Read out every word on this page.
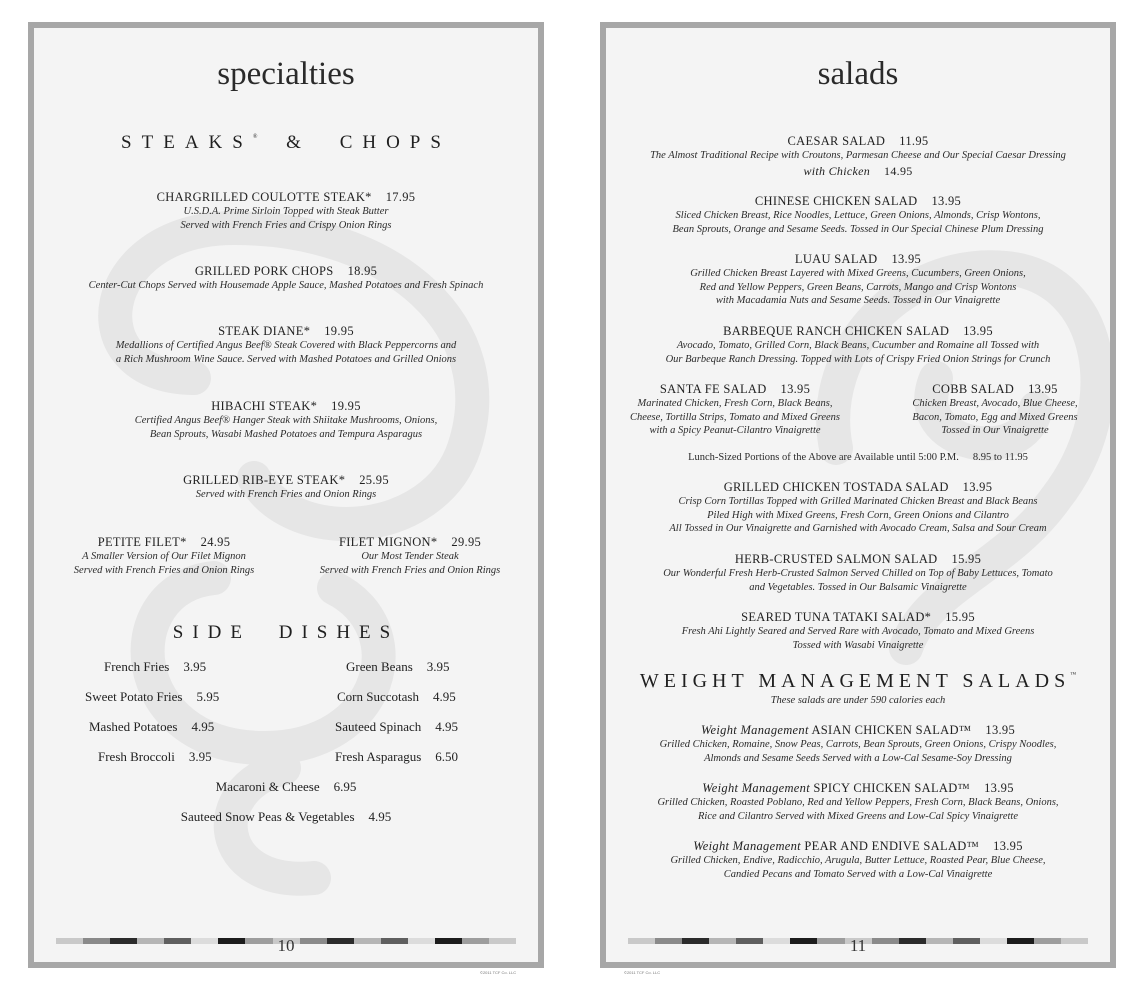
specialties
STEAKS® & CHOPS
CHARGRILLED COULOTTE STEAK* 17.95
U.S.D.A. Prime Sirloin Topped with Steak Butter
Served with French Fries and Crispy Onion Rings
GRILLED PORK CHOPS 18.95
Center-Cut Chops Served with Housemade Apple Sauce, Mashed Potatoes and Fresh Spinach
STEAK DIANE* 19.95
Medallions of Certified Angus Beef® Steak Covered with Black Peppercorns and
a Rich Mushroom Wine Sauce. Served with Mashed Potatoes and Grilled Onions
HIBACHI STEAK* 19.95
Certified Angus Beef® Hanger Steak with Shiitake Mushrooms, Onions,
Bean Sprouts, Wasabi Mashed Potatoes and Tempura Asparagus
GRILLED RIB-EYE STEAK* 25.95
Served with French Fries and Onion Rings
PETITE FILET* 24.95
A Smaller Version of Our Filet Mignon
Served with French Fries and Onion Rings
FILET MIGNON* 29.95
Our Most Tender Steak
Served with French Fries and Onion Rings
SIDE DISHES
French Fries 3.95	Green Beans 3.95
Sweet Potato Fries 5.95	Corn Succotash 4.95
Mashed Potatoes 4.95	Sauteed Spinach 4.95
Fresh Broccoli 3.95	Fresh Asparagus 6.50
Macaroni & Cheese 6.95
Sauteed Snow Peas & Vegetables 4.95
10
©2011 TCF Co. LLC
salads
CAESAR SALAD 11.95
The Almost Traditional Recipe with Croutons, Parmesan Cheese and Our Special Caesar Dressing
with Chicken 14.95
CHINESE CHICKEN SALAD 13.95
Sliced Chicken Breast, Rice Noodles, Lettuce, Green Onions, Almonds, Crisp Wontons,
Bean Sprouts, Orange and Sesame Seeds. Tossed in Our Special Chinese Plum Dressing
LUAU SALAD 13.95
Grilled Chicken Breast Layered with Mixed Greens, Cucumbers, Green Onions,
Red and Yellow Peppers, Green Beans, Carrots, Mango and Crisp Wontons
with Macadamia Nuts and Sesame Seeds. Tossed in Our Vinaigrette
BARBEQUE RANCH CHICKEN SALAD 13.95
Avocado, Tomato, Grilled Corn, Black Beans, Cucumber and Romaine all Tossed with
Our Barbeque Ranch Dressing. Topped with Lots of Crispy Fried Onion Strings for Crunch
SANTA FE SALAD 13.95
Marinated Chicken, Fresh Corn, Black Beans,
Cheese, Tortilla Strips, Tomato and Mixed Greens
with a Spicy Peanut-Cilantro Vinaigrette
COBB SALAD 13.95
Chicken Breast, Avocado, Blue Cheese,
Bacon, Tomato, Egg and Mixed Greens
Tossed in Our Vinaigrette
Lunch-Sized Portions of the Above are Available until 5:00 P.M. 8.95 to 11.95
GRILLED CHICKEN TOSTADA SALAD 13.95
Crisp Corn Tortillas Topped with Grilled Marinated Chicken Breast and Black Beans
Piled High with Mixed Greens, Fresh Corn, Green Onions and Cilantro
All Tossed in Our Vinaigrette and Garnished with Avocado Cream, Salsa and Sour Cream
HERB-CRUSTED SALMON SALAD 15.95
Our Wonderful Fresh Herb-Crusted Salmon Served Chilled on Top of Baby Lettuces, Tomato
and Vegetables. Tossed in Our Balsamic Vinaigrette
SEARED TUNA TATAKI SALAD* 15.95
Fresh Ahi Lightly Seared and Served Rare with Avocado, Tomato and Mixed Greens
Tossed with Wasabi Vinaigrette
WEIGHT MANAGEMENT SALADS™
These salads are under 590 calories each
Weight Management ASIAN CHICKEN SALAD™ 13.95
Grilled Chicken, Romaine, Snow Peas, Carrots, Bean Sprouts, Green Onions, Crispy Noodles,
Almonds and Sesame Seeds Served with a Low-Cal Sesame-Soy Dressing
Weight Management SPICY CHICKEN SALAD™ 13.95
Grilled Chicken, Roasted Poblano, Red and Yellow Peppers, Fresh Corn, Black Beans, Onions,
Rice and Cilantro Served with Mixed Greens and Low-Cal Spicy Vinaigrette
Weight Management PEAR AND ENDIVE SALAD™ 13.95
Grilled Chicken, Endive, Radicchio, Arugula, Butter Lettuce, Roasted Pear, Blue Cheese,
Candied Pecans and Tomato Served with a Low-Cal Vinaigrette
11
©2011 TCF Co. LLC
